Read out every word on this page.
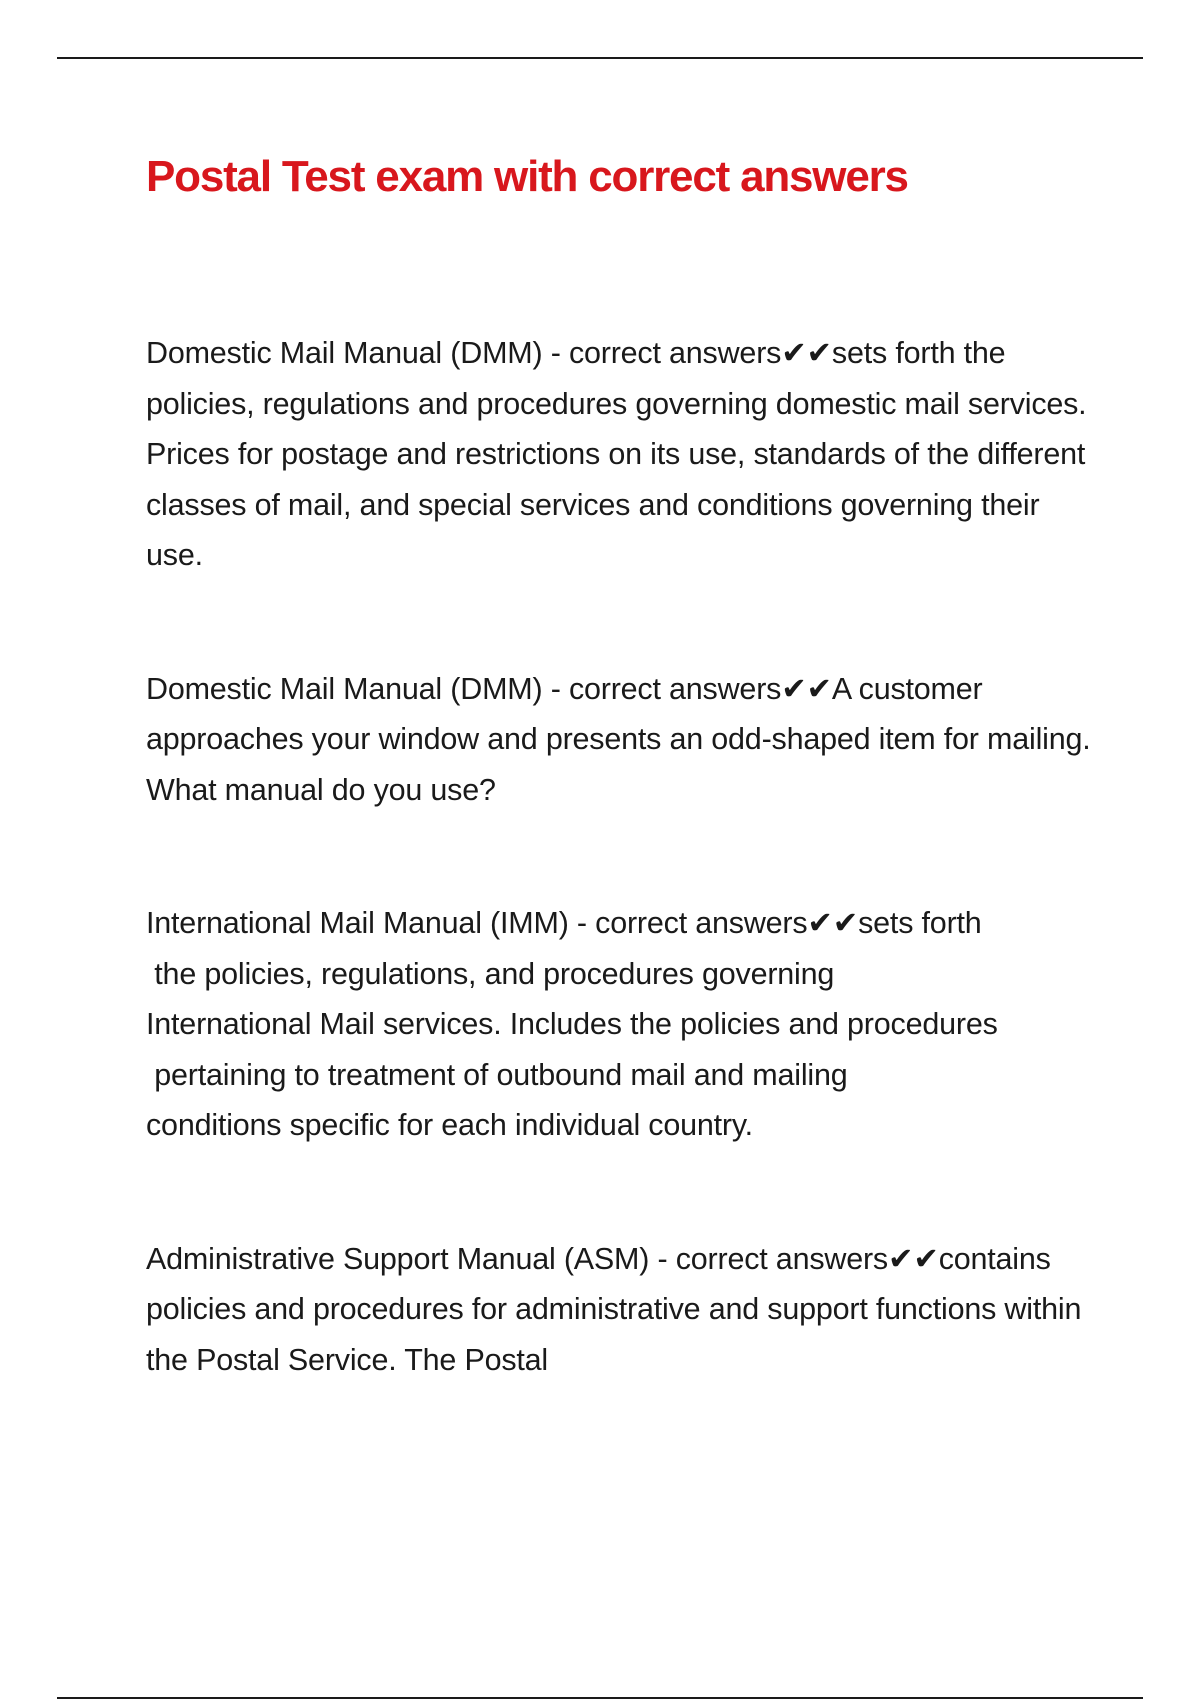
Postal Test exam with correct answers

Domestic Mail Manual (DMM) - correct answers✔✔sets forth the policies, regulations and procedures governing domestic mail services. Prices for postage and restrictions on its use, standards of the different classes of mail, and special services and conditions governing their use.

Domestic Mail Manual (DMM) - correct answers✔✔A customer approaches your window and presents an odd-shaped item for mailing. What manual do you use?

International Mail Manual (IMM) - correct answers✔✔sets forth
the policies, regulations, and procedures governing
International Mail services. Includes the policies and procedures
pertaining to treatment of outbound mail and mailing
conditions specific for each individual country.

Administrative Support Manual (ASM) - correct answers✔✔contains policies and procedures for administrative and support functions within the Postal Service. The Postal
